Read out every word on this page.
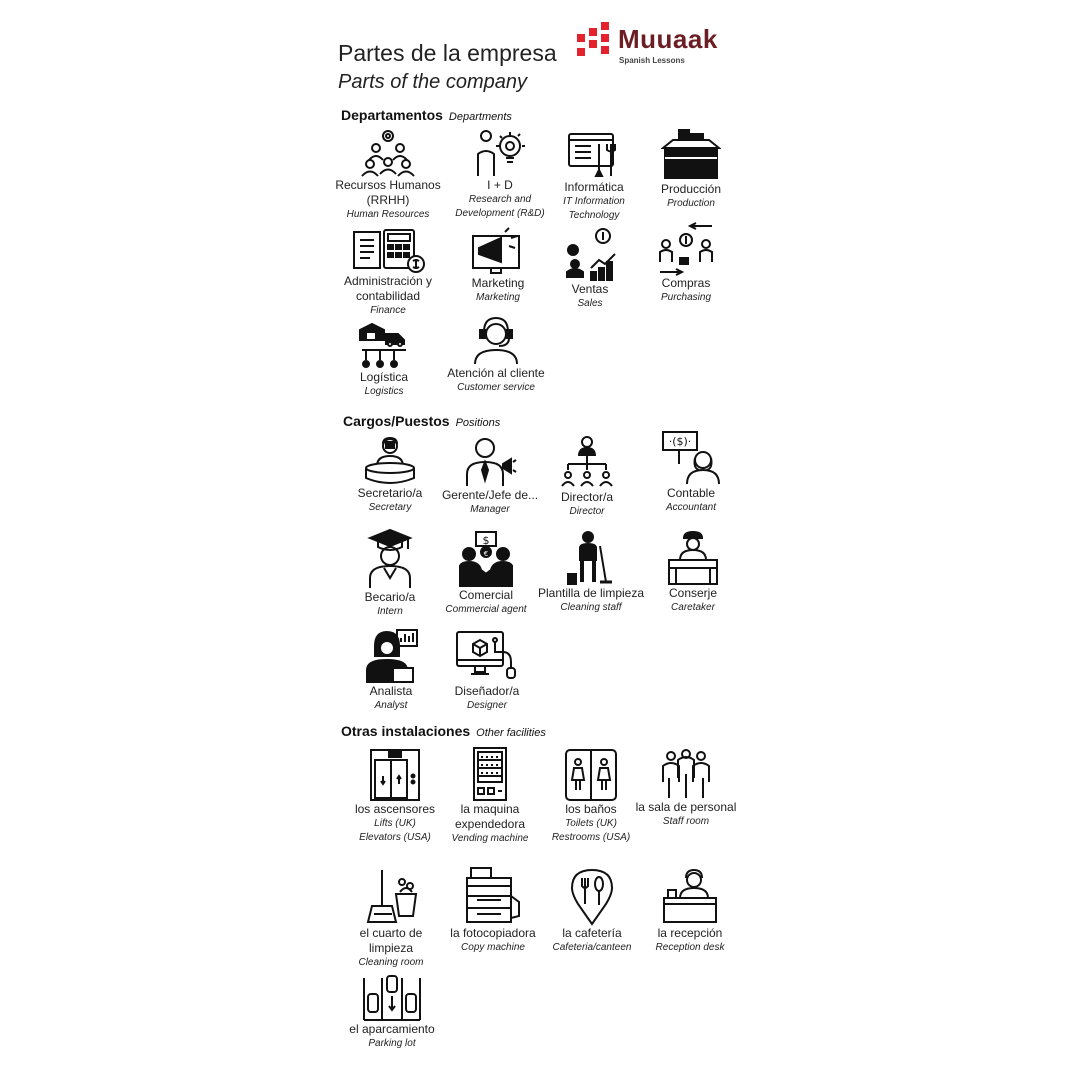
Partes de la empresa
Parts of the company
Muuaak
Spanish Lessons
Departamentos Departments
Recursos Humanos (RRHH)
Human Resources
I + D
Research and Development (R&D)
Informática
IT Information Technology
Producción
Production
Administración y contabilidad
Finance
Marketing
Marketing
Ventas
Sales
Compras
Purchasing
Logística
Logistics
Atención al cliente
Customer service
Cargos/Puestos Positions
Secretario/a
Secretary
Gerente/Jefe de...
Manager
Director/a
Director
·($)·
Contable
Accountant
Becario/a
Intern
$
€
Comercial
Commercial agent
Plantilla de limpieza
Cleaning staff
Conserje
Caretaker
Analista
Analyst
Diseñador/a
Designer
Otras instalaciones Other facilities
los ascensores
Lifts (UK)
Elevators (USA)
la maquina expendedora
Vending machine
los baños
Toilets (UK)
Restrooms (USA)
la sala de personal
Staff room
el cuarto de limpieza
Cleaning room
la fotocopiadora
Copy machine
la cafetería
Cafeteria/canteen
la recepción
Reception desk
el aparcamiento
Parking lot
